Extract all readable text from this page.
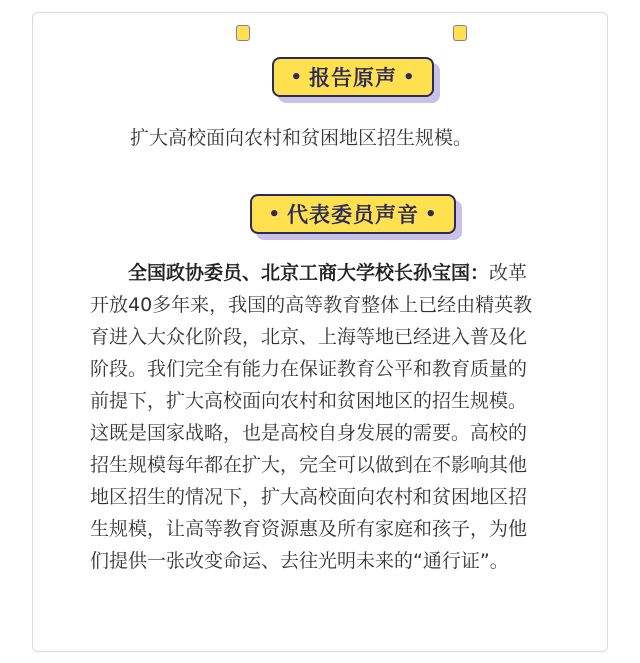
• 报告原声 •
扩大高校面向农村和贫困地区招生规模。
• 代表委员声音 •
全国政协委员、北京工商大学校长孙宝国：改革
开放40多年来，我国的高等教育整体上已经由精英教
育进入大众化阶段，北京、上海等地已经进入普及化
阶段。我们完全有能力在保证教育公平和教育质量的
前提下，扩大高校面向农村和贫困地区的招生规模。
这既是国家战略，也是高校自身发展的需要。高校的
招生规模每年都在扩大，完全可以做到在不影响其他
地区招生的情况下，扩大高校面向农村和贫困地区招
生规模，让高等教育资源惠及所有家庭和孩子，为他
们提供一张改变命运、去往光明未来的“通行证”。
